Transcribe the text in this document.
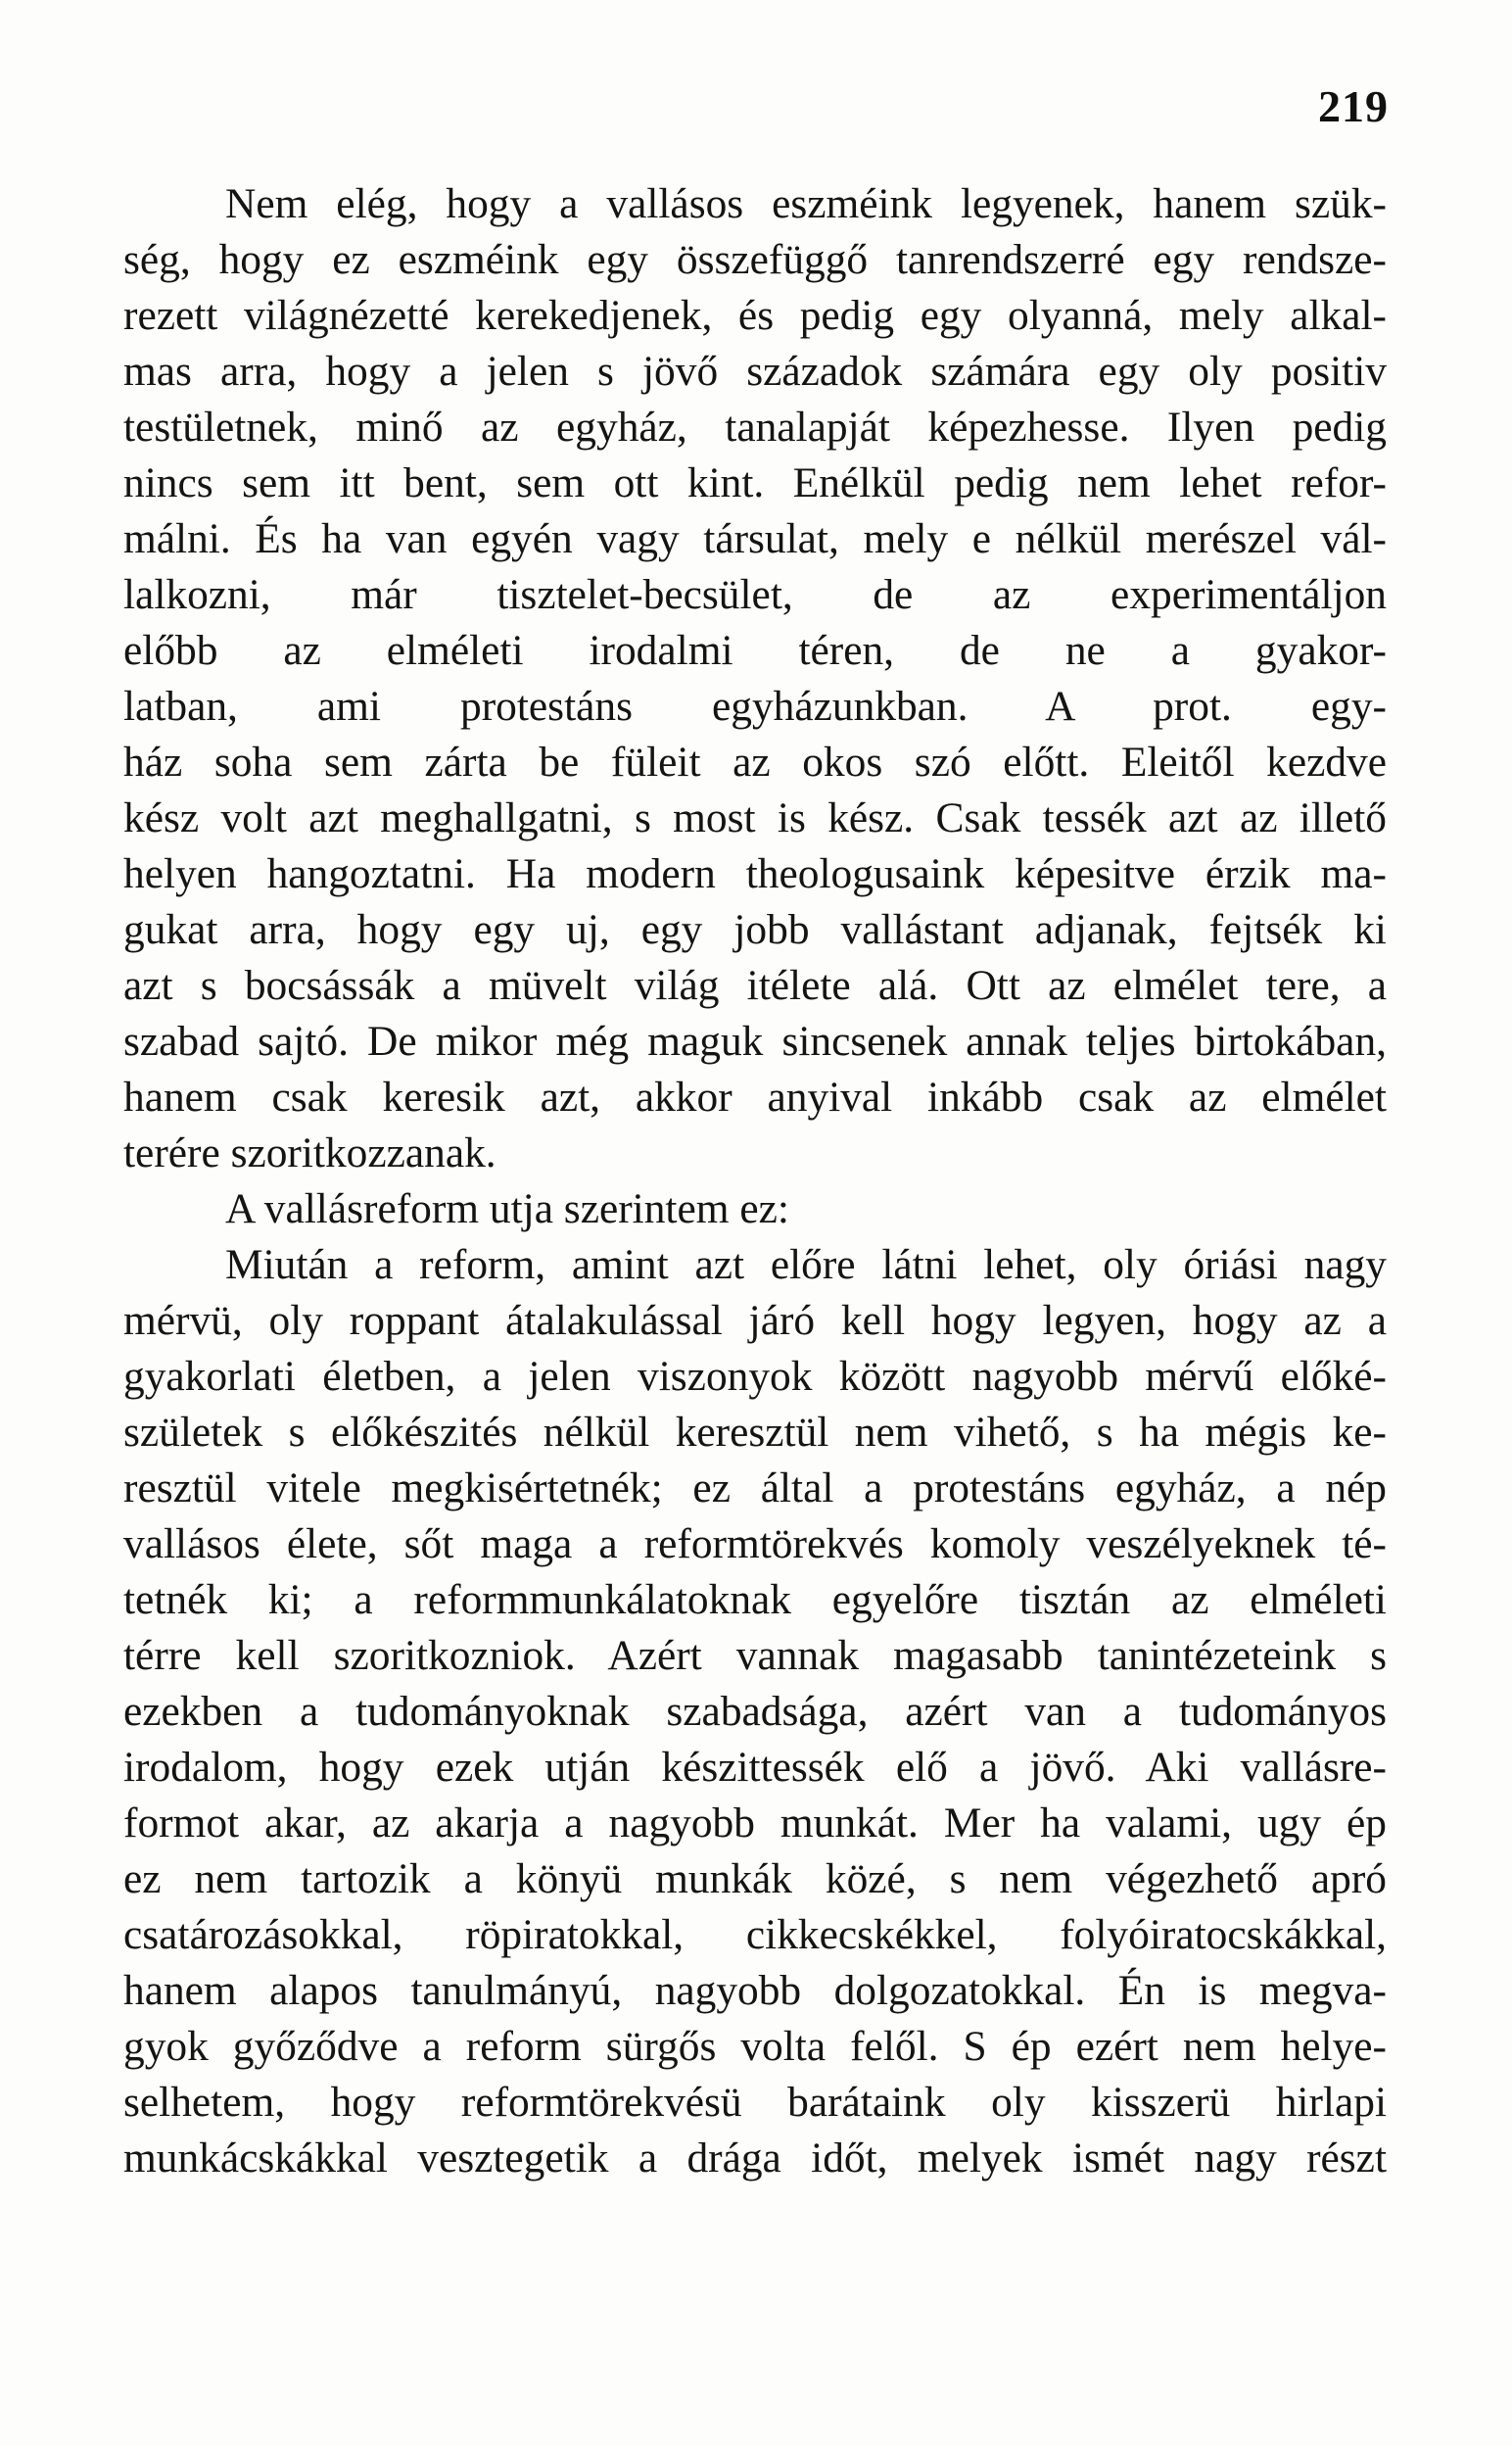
219
Nem elég, hogy a vallásos eszméink legyenek, hanem szük-
ség, hogy ez eszméink egy összefüggő tanrendszerré egy rendsze-
rezett világnézetté kerekedjenek, és pedig egy olyanná, mely alkal-
mas arra, hogy a jelen s jövő századok számára egy oly positiv
testületnek, minő az egyház, tanalapját képezhesse. Ilyen pedig
nincs sem itt bent, sem ott kint. Enélkül pedig nem lehet refor-
málni. És ha van egyén vagy társulat, mely e nélkül merészel vál-
lalkozni, már tisztelet-becsület, de az experimentáljon
előbb az elméleti irodalmi téren, de ne a gyakor-
latban, ami protestáns egyházunkban. A prot. egy-
ház soha sem zárta be füleit az okos szó előtt. Eleitől kezdve
kész volt azt meghallgatni, s most is kész. Csak tessék azt az illető
helyen hangoztatni. Ha modern theologusaink képesitve érzik ma-
gukat arra, hogy egy uj, egy jobb vallástant adjanak, fejtsék ki
azt s bocsássák a müvelt világ itélete alá. Ott az elmélet tere, a
szabad sajtó. De mikor még maguk sincsenek annak teljes birtokában,
hanem csak keresik azt, akkor anyival inkább csak az elmélet
terére szoritkozzanak.
A vallásreform utja szerintem ez:
Miután a reform, amint azt előre látni lehet, oly óriási nagy
mérvü, oly roppant átalakulással járó kell hogy legyen, hogy az a
gyakorlati életben, a jelen viszonyok között nagyobb mérvű előké-
születek s előkészités nélkül keresztül nem vihető, s ha mégis ke-
resztül vitele megkisértetnék; ez által a protestáns egyház, a nép
vallásos élete, sőt maga a reformtörekvés komoly veszélyeknek té-
tetnék ki; a reformmunkálatoknak egyelőre tisztán az elméleti
térre kell szoritkozniok. Azért vannak magasabb tanintézeteink s
ezekben a tudományoknak szabadsága, azért van a tudományos
irodalom, hogy ezek utján készittessék elő a jövő. Aki vallásre-
formot akar, az akarja a nagyobb munkát. Mer ha valami, ugy ép
ez nem tartozik a könyü munkák közé, s nem végezhető apró
csatározásokkal, röpiratokkal, cikkecskékkel, folyóiratocskákkal,
hanem alapos tanulmányú, nagyobb dolgozatokkal. Én is megva-
gyok győződve a reform sürgős volta felől. S ép ezért nem helye-
selhetem, hogy reformtörekvésü barátaink oly kisszerü hirlapi
munkácskákkal vesztegetik a drága időt, melyek ismét nagy részt
